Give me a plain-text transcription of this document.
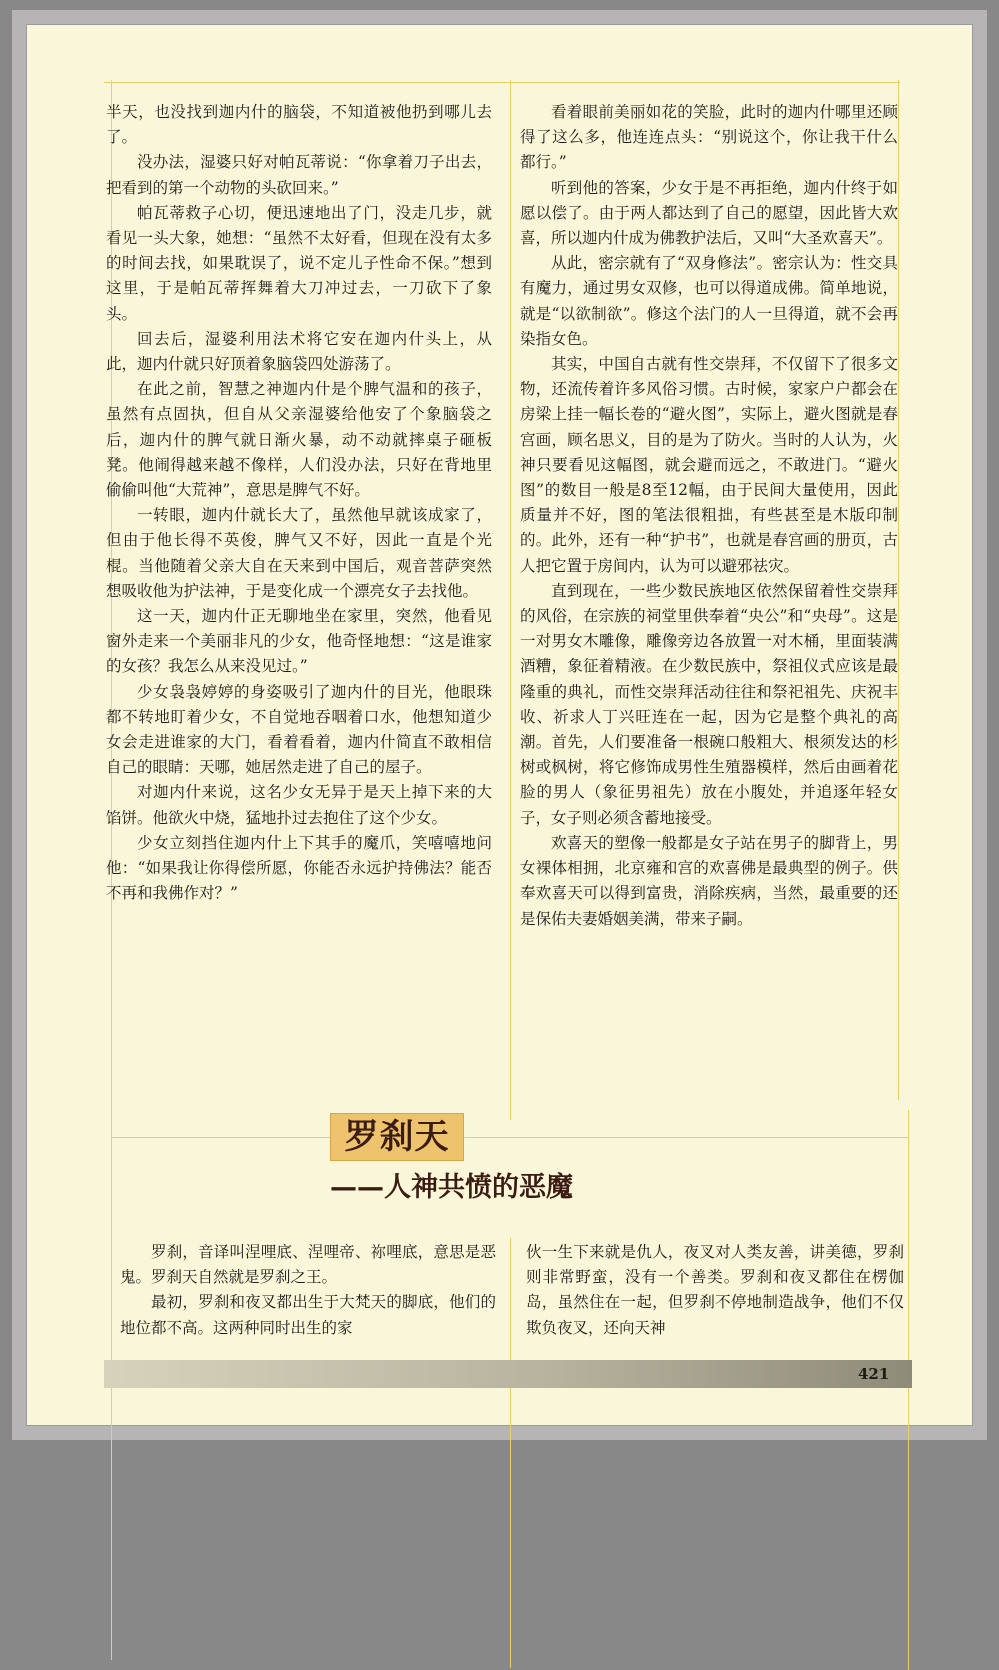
半天，也没找到迦内什的脑袋，不知道被他扔到哪儿去了。

没办法，湿婆只好对帕瓦蒂说：“你拿着刀子出去，把看到的第一个动物的头砍回来。”

帕瓦蒂救子心切，便迅速地出了门，没走几步，就看见一头大象，她想：“虽然不太好看，但现在没有太多的时间去找，如果耽误了，说不定儿子性命不保。”想到这里，于是帕瓦蒂挥舞着大刀冲过去，一刀砍下了象头。

回去后，湿婆利用法术将它安在迦内什头上，从此，迦内什就只好顶着象脑袋四处游荡了。

在此之前，智慧之神迦内什是个脾气温和的孩子，虽然有点固执，但自从父亲湿婆给他安了个象脑袋之后，迦内什的脾气就日渐火暴，动不动就摔桌子砸板凳。他闹得越来越不像样，人们没办法，只好在背地里偷偷叫他“大荒神”，意思是脾气不好。

一转眼，迦内什就长大了，虽然他早就该成家了，但由于他长得不英俊，脾气又不好，因此一直是个光棍。当他随着父亲大自在天来到中国后，观音菩萨突然想吸收他为护法神，于是变化成一个漂亮女子去找他。

这一天，迦内什正无聊地坐在家里，突然，他看见窗外走来一个美丽非凡的少女，他奇怪地想：“这是谁家的女孩？我怎么从来没见过。”

少女袅袅婷婷的身姿吸引了迦内什的目光，他眼珠都不转地盯着少女，不自觉地吞咽着口水，他想知道少女会走进谁家的大门，看着看着，迦内什简直不敢相信自己的眼睛：天哪，她居然走进了自己的屋子。

对迦内什来说，这名少女无异于是天上掉下来的大馅饼。他欲火中烧，猛地扑过去抱住了这个少女。

少女立刻挡住迦内什上下其手的魔爪，笑嘻嘻地问他：“如果我让你得偿所愿，你能否永远护持佛法？能否不再和我佛作对？”

看着眼前美丽如花的笑脸，此时的迦内什哪里还顾得了这么多，他连连点头：“别说这个，你让我干什么都行。”

听到他的答案，少女于是不再拒绝，迦内什终于如愿以偿了。由于两人都达到了自己的愿望，因此皆大欢喜，所以迦内什成为佛教护法后，又叫“大圣欢喜天”。

从此，密宗就有了“双身修法”。密宗认为：性交具有魔力，通过男女双修，也可以得道成佛。简单地说，就是“以欲制欲”。修这个法门的人一旦得道，就不会再染指女色。

其实，中国自古就有性交崇拜，不仅留下了很多文物，还流传着许多风俗习惯。古时候，家家户户都会在房梁上挂一幅长卷的“避火图”，实际上，避火图就是春宫画，顾名思义，目的是为了防火。当时的人认为，火神只要看见这幅图，就会避而远之，不敢进门。“避火图”的数目一般是8至12幅，由于民间大量使用，因此质量并不好，图的笔法很粗拙，有些甚至是木版印制的。此外，还有一种“护书”，也就是春宫画的册页，古人把它置于房间内，认为可以避邪祛灾。

直到现在，一些少数民族地区依然保留着性交崇拜的风俗，在宗族的祠堂里供奉着“央公”和“央母”。这是一对男女木雕像，雕像旁边各放置一对木桶，里面装满酒糟，象征着精液。在少数民族中，祭祖仪式应该是最隆重的典礼，而性交崇拜活动往往和祭祀祖先、庆祝丰收、祈求人丁兴旺连在一起，因为它是整个典礼的高潮。首先，人们要准备一根碗口般粗大、根须发达的杉树或枫树，将它修饰成男性生殖器模样，然后由画着花脸的男人（象征男祖先）放在小腹处，并追逐年轻女子，女子则必须含蓄地接受。

欢喜天的塑像一般都是女子站在男子的脚背上，男女裸体相拥，北京雍和宫的欢喜佛是最典型的例子。供奉欢喜天可以得到富贵，消除疾病，当然，最重要的还是保佑夫妻婚姻美满，带来子嗣。

罗刹天
——人神共愤的恶魔

罗刹，音译叫涅哩底、涅哩帝、祢哩底，意思是恶鬼。罗刹天自然就是罗刹之王。

最初，罗刹和夜叉都出生于大梵天的脚底，他们的地位都不高。这两种同时出生的家

伙一生下来就是仇人，夜叉对人类友善，讲美德，罗刹则非常野蛮，没有一个善类。罗刹和夜叉都住在楞伽岛，虽然住在一起，但罗刹不停地制造战争，他们不仅欺负夜叉，还向天神

421
